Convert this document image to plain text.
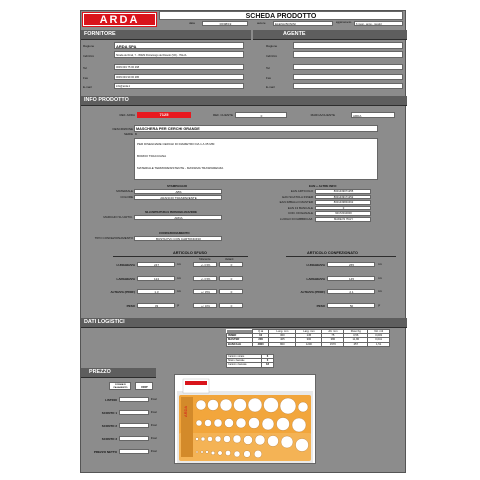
ARDA	SCHEDA PRODOTTO
data	06/08/19	autore	ELENA BONINI	aggiornamento	6 mesi - anno - mesiid
FORNITORE
Ragione	ARDA SPA
Indirizzo	Strada del Frati, 7 - 35029 Pontelongo del Dosolo (VR) - ITALIA
Tel	0039 049 75 00 268
Fax	0039 049 99 00 286
E-mail	info@arda.it
AGENTE
Ragione
Indirizzo
Tel
Fax
E-mail
INFO PRODOTTO
REF. ARDA	7125	REF. CLIENTE	0	MARCA/CLIENTE	ARDA
DESCRIZIONE MASCHERA PER CERCHI GRANDE
SERIE 0
PER DISEGNARE CERCHI DI DIAMETRO DA 1 A 35 MM
BORDO TRACCIANA
MATERIALE TERMORESISTENTE - MASSIMA TRASPARENZA
STAMPAGGIO
MATERIALE	ABS
COLORE	ARANCIO TRASPARENTE
SILLUMITRATURA E PERSONALIZZAZIONE
MARCHIO SU ARTIC.	ARDA
CONFEZIONAMENTO
TIPO CONFEZIONAMENTO	BUSTA PVC CON CARTONCINO
EAN + ALTRE INFO
EAN ARTICOLO	8001439071255
EAN SCATOLA INNER	8001439171252
EAN IMBALLO MASTER	8001439840462
EAN 13 BANCALE	0
COD. DOGANALE	90172010000
LUOGO DI FABBRICAZ.	MADE IN ITALY
ARTICOLO SFUSO
Tolleranza	Varianti
LUNGHEZZA	247	mm	+/- 0,5%	0
LARGHEZZA	124	mm	+/- 0,5%	0
ALTEZZA (PROF)	1,3	mm	+/- 15%	0
PESO	33	gr	+/- 10%	0
ARTICOLO CONFEZIONATO
LUNGHEZZA	265	mm
LARGHEZZA	145	mm
ALTEZZA (PROF)	2,1	mm
PESO	50	gr
DATI LOGISTICI
	Q.tà	Lung. mm	Larg. mm	Alt. mm	Peso Kg	Vol. m3
INNER	10	300	145	75	0,56	0,003
MASTER	200	405	300	380	11,80	0,041
BANCALE	4800	800	1200	1570	257	1,51
Cartoni x strato	6
Strati x bancale	3
Cartoni x bancale	18
PREZZO
FORMA DI PAGAMENTO	DDP
LISTINO	€/cad
SCONTO 1	€/cad
SCONTO 2	€/cad
SCONTO 3	€/cad
PREZZO NETTO	€/cad
ARDA
